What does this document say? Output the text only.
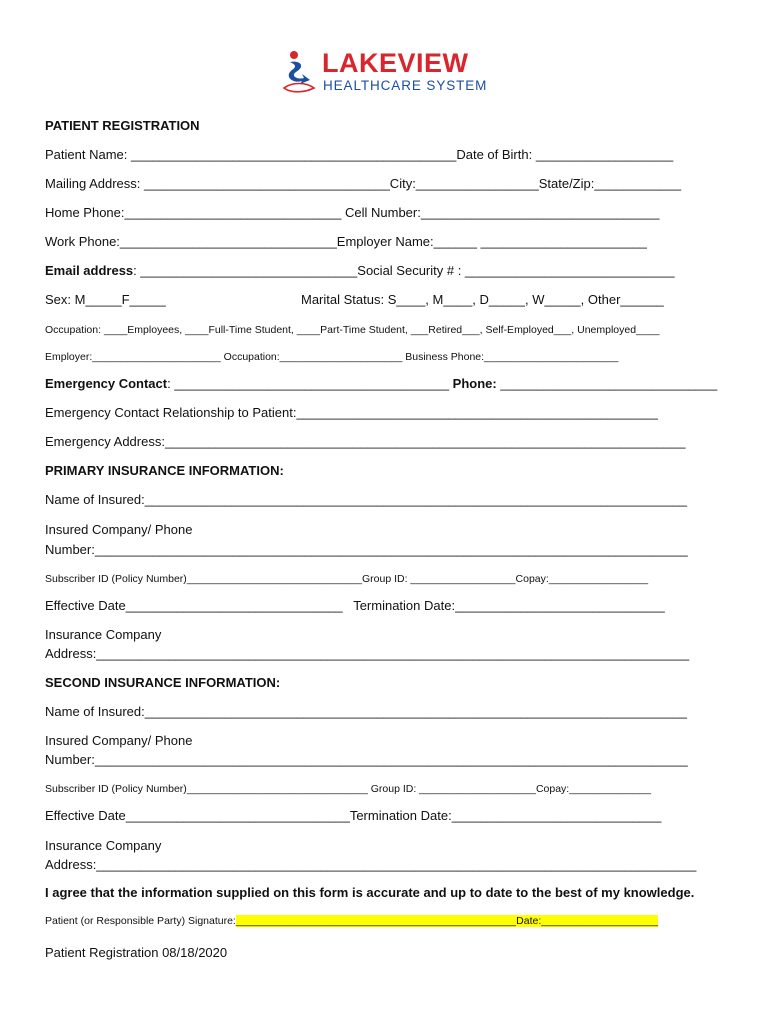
LAKEVIEW
HEALTHCARE SYSTEM
PATIENT REGISTRATION
Patient Name: _____________________________________________Date of Birth: ___________________
Mailing Address: __________________________________City:_________________State/Zip:____________
Home Phone:______________________________ Cell Number:_________________________________
Work Phone:______________________________Employer Name:______ _______________________
Email address: ______________________________Social Security # : _____________________________
Sex: M_____F_____	Marital Status: S____, M____, D_____, W_____, Other______
Occupation: ____Employees, ____Full-Time Student, ____Part-Time Student, ___Retired___, Self-Employed___, Unemployed____
Employer:______________________ Occupation:_____________________ Business Phone:_______________________
Emergency Contact: ______________________________________ Phone: ______________________________
Emergency Contact Relationship to Patient:__________________________________________________
Emergency Address:________________________________________________________________________
PRIMARY INSURANCE INFORMATION:
Name of Insured:___________________________________________________________________________
Insured Company/ Phone
Number:__________________________________________________________________________________
Subscriber ID (Policy Number)______________________________Group ID: __________________Copay:_________________
Effective Date______________________________   Termination Date:_____________________________
Insurance Company
Address:__________________________________________________________________________________
SECOND INSURANCE INFORMATION:
Name of Insured:___________________________________________________________________________
Insured Company/ Phone
Number:__________________________________________________________________________________
Subscriber ID (Policy Number)_______________________________ Group ID: ____________________Copay:______________
Effective Date_______________________________Termination Date:_____________________________
Insurance Company
Address:___________________________________________________________________________________
I agree that the information supplied on this form is accurate and up to date to the best of my knowledge.
Patient (or Responsible Party) Signature:________________________________________________Date:____________________
Patient Registration 08/18/2020
